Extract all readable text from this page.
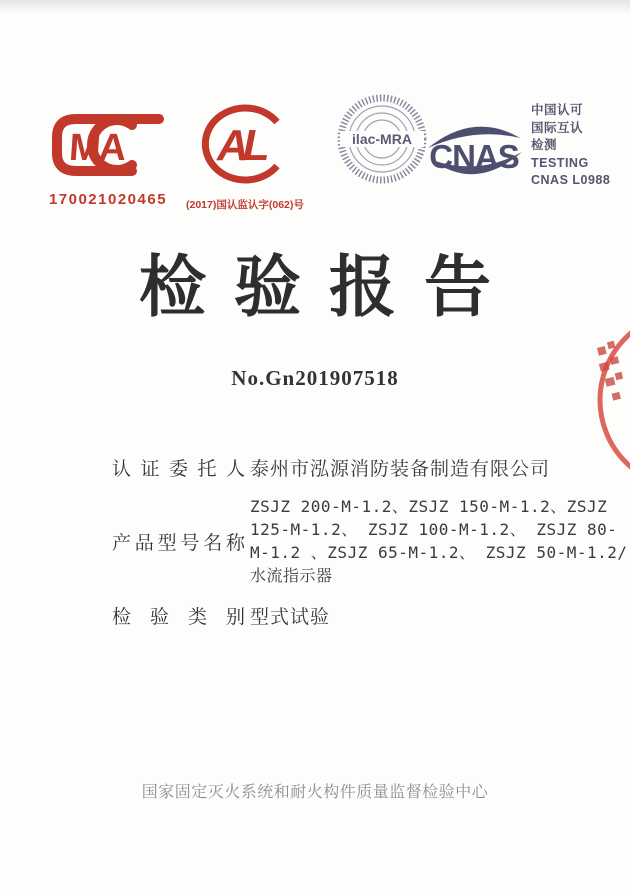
MA
170021020465
AL
(2017)国认监认字(062)号
ilac-MRA CNAS
中国认可
国际互认
检测
TESTING
CNAS L0988
检验报告
No.Gn201907518
认 证 委 托 人 泰州市泓源消防装备制造有限公司
产品型号名称
ZSJZ 200-M-1.2、ZSJZ 150-M-1.2、ZSJZ
125-M-1.2、 ZSJZ 100-M-1.2、 ZSJZ 80-
M-1.2 、ZSJZ 65-M-1.2、 ZSJZ 50-M-1.2/
水流指示器
检 验 类 别 型式试验
国家固定灭火系统和耐火构件质量监督检验中心
